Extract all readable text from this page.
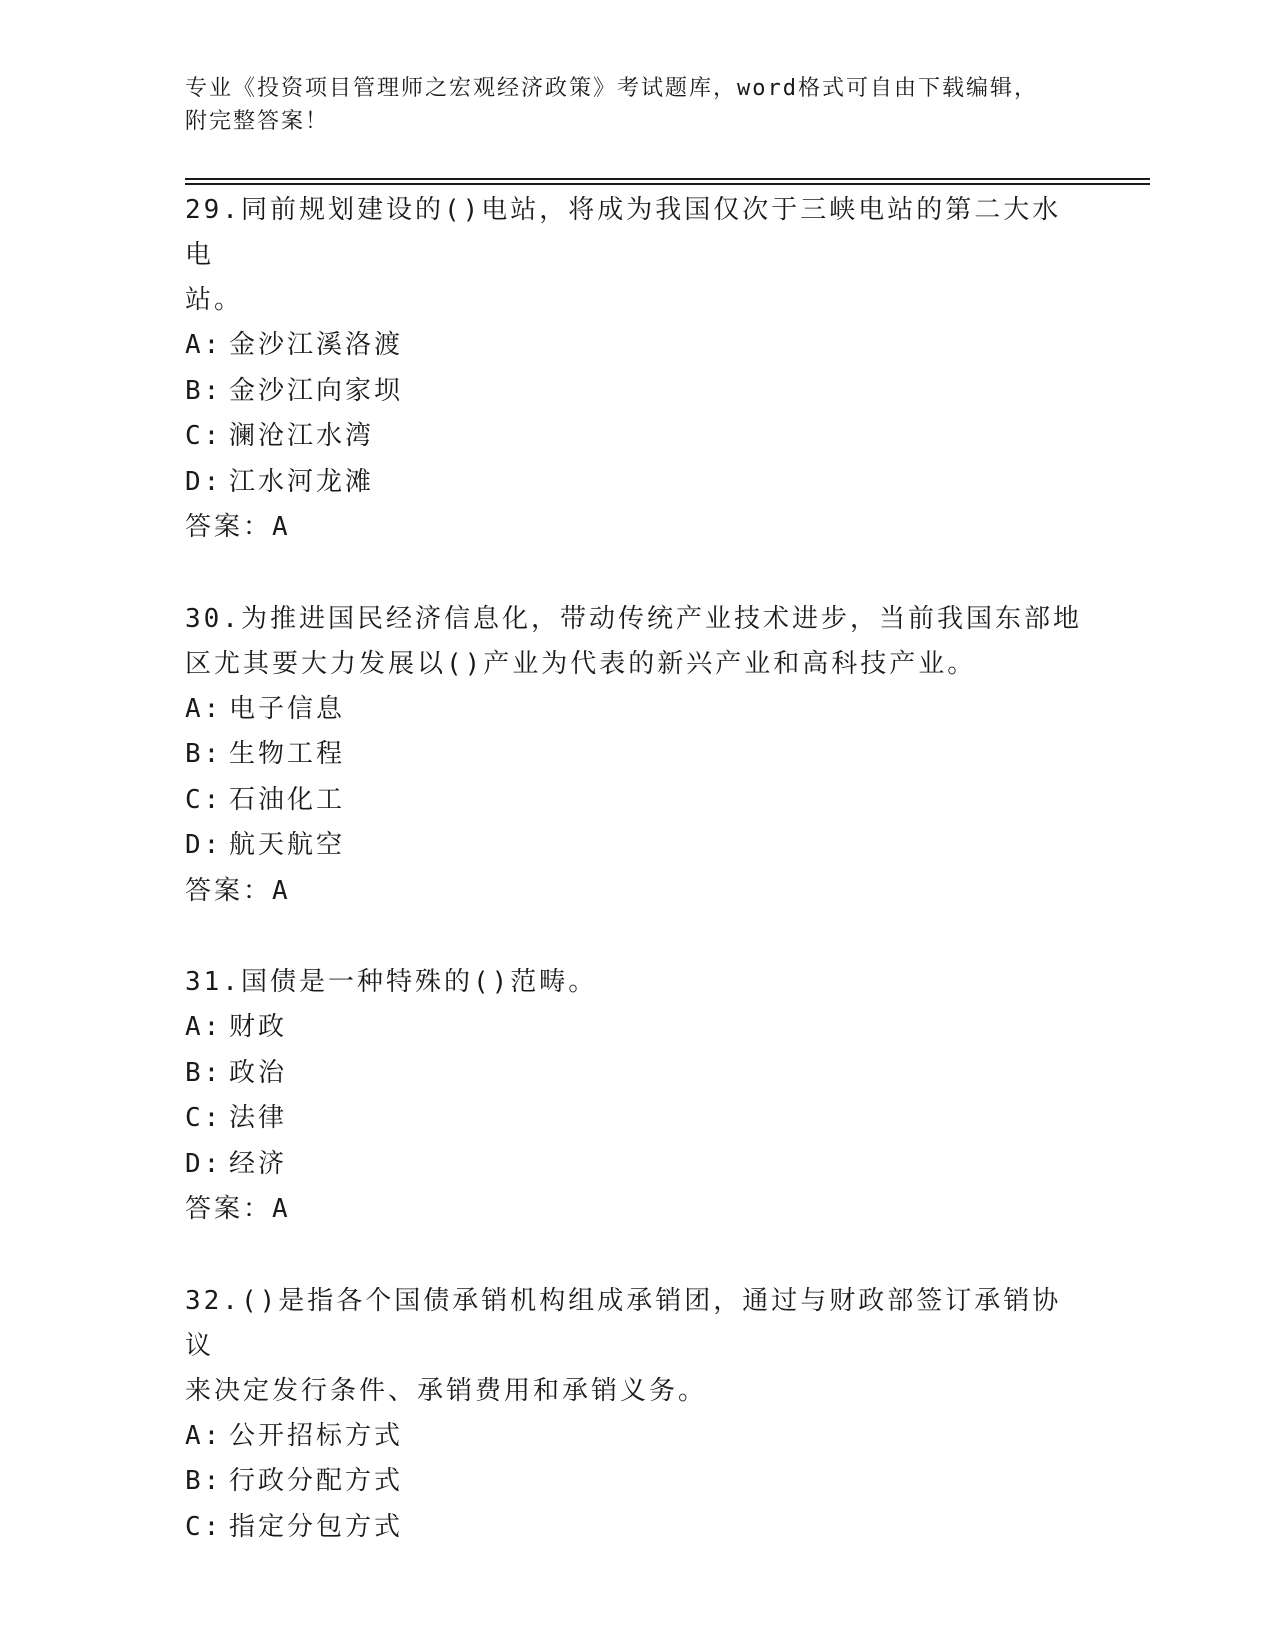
专业《投资项目管理师之宏观经济政策》考试题库，word格式可自由下载编辑，
附完整答案！
29.同前规划建设的()电站，将成为我国仅次于三峡电站的第二大水电
站。
A: 金沙江溪洛渡
B: 金沙江向家坝
C: 澜沧江水湾
D: 江水河龙滩
答案：A
30.为推进国民经济信息化，带动传统产业技术进步，当前我国东部地
区尤其要大力发展以()产业为代表的新兴产业和高科技产业。
A: 电子信息
B: 生物工程
C: 石油化工
D: 航天航空
答案：A
31.国债是一种特殊的()范畴。
A: 财政
B: 政治
C: 法律
D: 经济
答案：A
32.()是指各个国债承销机构组成承销团，通过与财政部签订承销协议
来决定发行条件、承销费用和承销义务。
A: 公开招标方式
B: 行政分配方式
C: 指定分包方式
